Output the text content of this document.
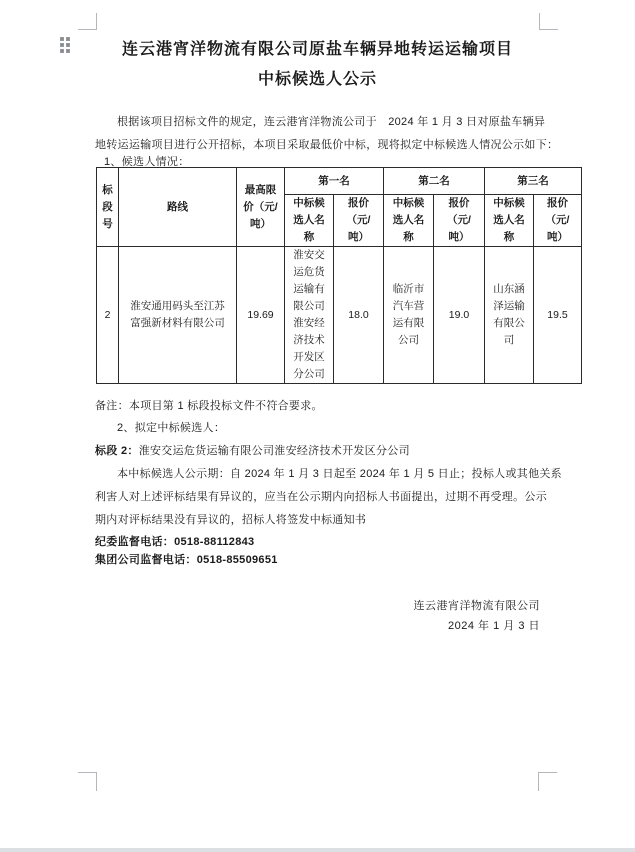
连云港宵洋物流有限公司原盐车辆异地转运运输项目
中标候选人公示
根据该项目招标文件的规定，连云港宵洋物流公司于　2024 年 1 月 3 日对原盐车辆异
地转运运输项目进行公开招标，本项目采取最低价中标，现将拟定中标候选人情况公示如下：
1、候选人情况：
标段号	路线	最高限价（元/吨）	第一名		第二名		第三名	
			中标候选人名称	报价（元/吨）	中标候选人名称	报价（元/吨）	中标候选人名称	报价（元/吨）
2	淮安通用码头至江苏富强新材料有限公司	19.69	淮安交运危货运输有限公司淮安经济技术开发区分公司	18.0	临沂市汽车营运有限公司	19.0	山东涵泽运输有限公司	19.5
备注：本项目第 1 标段投标文件不符合要求。
2、拟定中标候选人：
标段 2：淮安交运危货运输有限公司淮安经济技术开发区分公司
本中标候选人公示期：自 2024 年 1 月 3 日起至 2024 年 1 月 5 日止；投标人或其他关系
利害人对上述评标结果有异议的，应当在公示期内向招标人书面提出，过期不再受理。公示
期内对评标结果没有异议的，招标人将签发中标通知书
纪委监督电话：0518-88112843
集团公司监督电话：0518-85509651
连云港宵洋物流有限公司
2024 年 1 月 3 日
